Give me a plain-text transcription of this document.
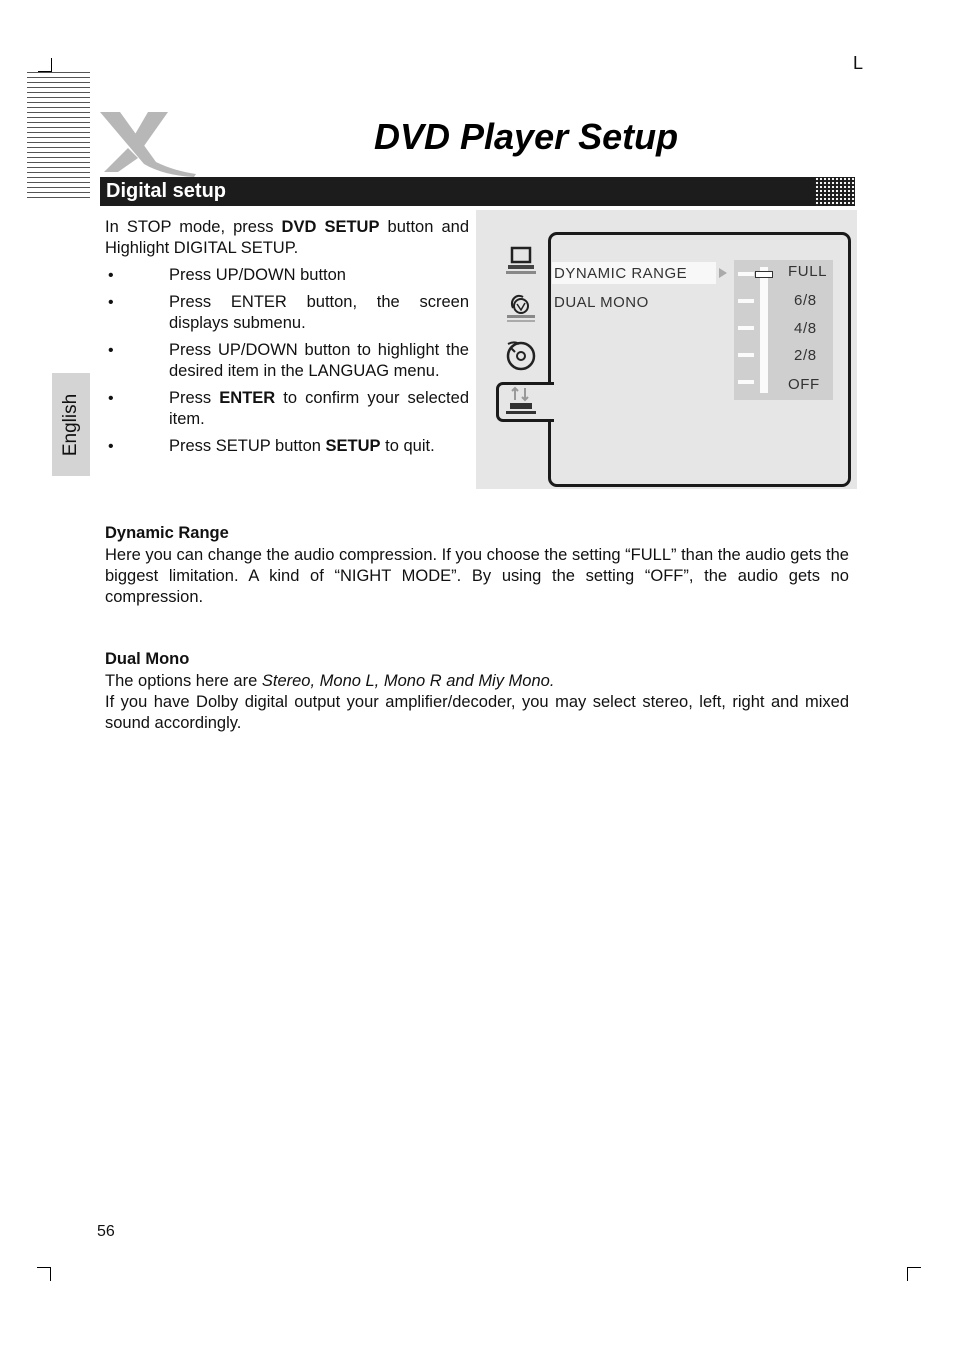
L
DVD Player Setup
Digital setup
English

In STOP mode, press DVD SETUP button and Highlight DIGITAL SETUP.

•	Press UP/DOWN button
•	Press ENTER button, the screen displays submenu.
•	Press UP/DOWN button to highlight the desired item in the LANGUAG menu.
•	Press ENTER to confirm your selected item.
•	Press SETUP button SETUP to quit.
DYNAMIC RANGE
DUAL MONO
FULL
6/8
4/8
2/8
OFF
Dynamic Range

Here you can change the audio compression. If you choose the setting “FULL” than the audio gets the biggest limitation. A kind of “NIGHT MODE”. By using the setting “OFF”, the audio gets no compression.

Dual Mono

The options here are Stereo, Mono L, Mono R and Miy Mono.

If you have Dolby digital output your amplifier/decoder, you may select stereo, left, right and mixed sound accordingly.

56
